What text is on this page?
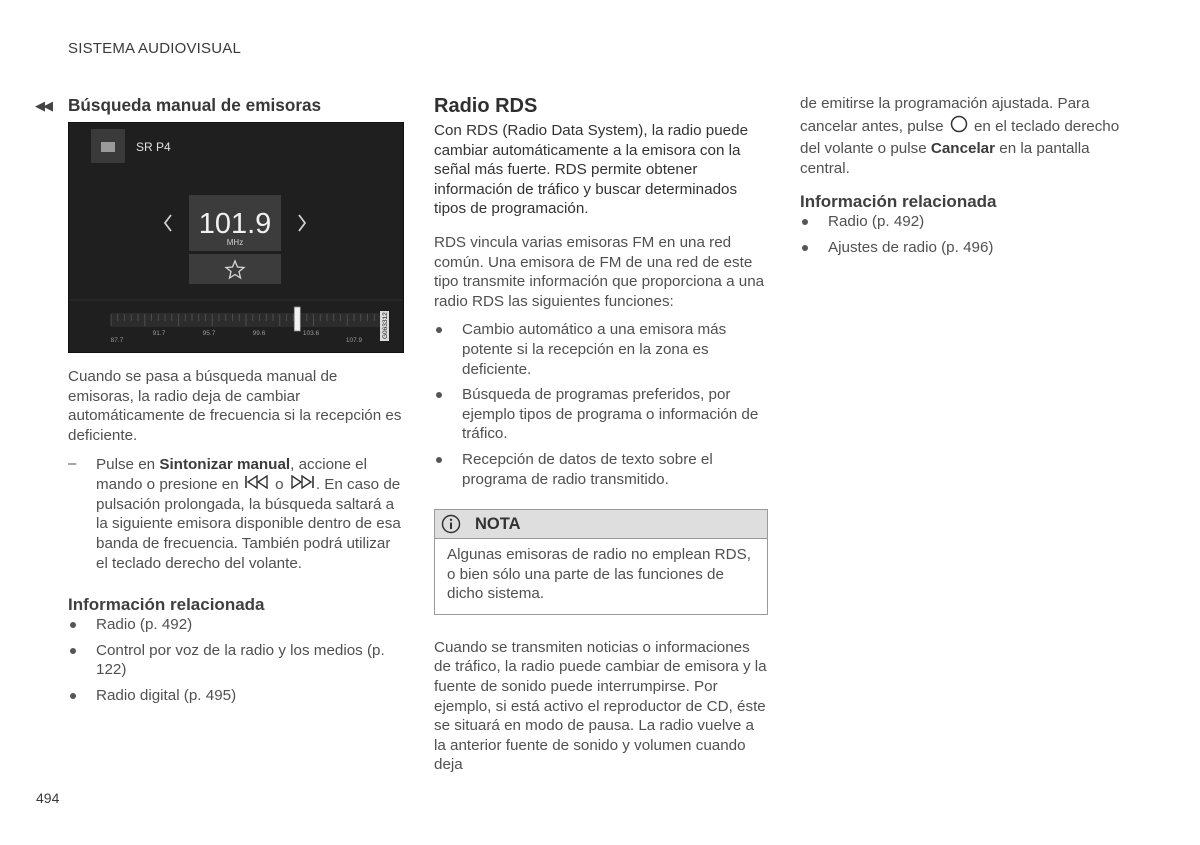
SISTEMA AUDIOVISUAL
◀◀ Búsqueda manual de emisoras
G063312
SR P4
101.9
MHz
87.7
91.7	95.7	99.6	103.6
107.9

Cuando se pasa a búsqueda manual de emisoras, la radio deja de cambiar automáticamente de frecuencia si la recepción es deficiente.

– Pulse en Sintonizar manual, accione el mando o presione en  o . En caso de pulsación prolongada, la búsqueda saltará a la siguiente emisora disponible dentro de esa banda de frecuencia. También podrá utilizar el teclado derecho del volante.

Información relacionada
Radio (p. 492)
Control por voz de la radio y los medios (p. 122)
Radio digital (p. 495)
Radio RDS

Con RDS (Radio Data System), la radio puede cambiar automáticamente a la emisora con la señal más fuerte. RDS permite obtener información de tráfico y buscar determinados tipos de programación.

RDS vincula varias emisoras FM en una red común. Una emisora de FM de una red de este tipo transmite información que proporciona a una radio RDS las siguientes funciones:

Cambio automático a una emisora más potente si la recepción en la zona es deficiente.
Búsqueda de programas preferidos, por ejemplo tipos de programa o información de tráfico.
Recepción de datos de texto sobre el programa de radio transmitido.
NOTA

Algunas emisoras de radio no emplean RDS, o bien sólo una parte de las funciones de dicho sistema.

Cuando se transmiten noticias o informaciones de tráfico, la radio puede cambiar de emisora y la fuente de sonido puede interrumpirse. Por ejemplo, si está activo el reproductor de CD, éste se situará en modo de pausa. La radio vuelve a la anterior fuente de sonido y volumen cuando deja

de emitirse la programación ajustada. Para cancelar antes, pulse  en el teclado derecho del volante o pulse Cancelar en la pantalla central.

Información relacionada
Radio (p. 492)
Ajustes de radio (p. 496)
494
